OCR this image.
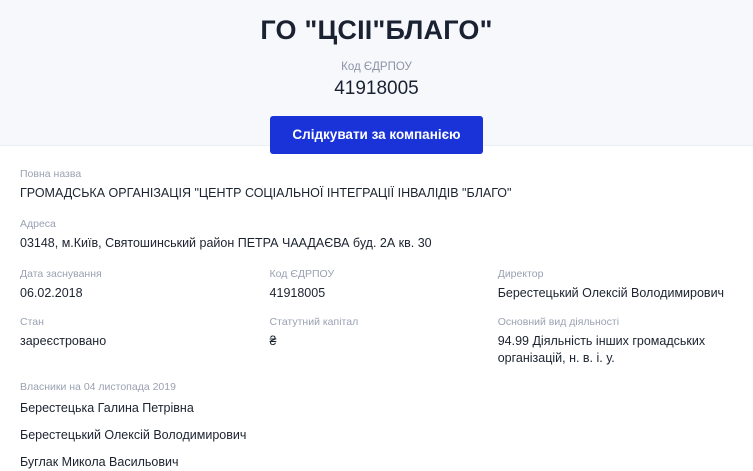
ГО "ЦСІІ"БЛАГО"
Код ЄДРПОУ
41918005
Слідкувати за компанією
Повна назва
ГРОМАДСЬКА ОРГАНІЗАЦІЯ "ЦЕНТР СОЦІАЛЬНОЇ ІНТЕГРАЦІЇ ІНВАЛІДІВ "БЛАГО"
Адреса
03148, м.Київ, Святошинський район ПЕТРА ЧААДАЄВА буд. 2А кв. 30
Дата заснування
06.02.2018
Код ЄДРПОУ
41918005
Директор
Берестецький Олексій Володимирович
Стан
зареєстровано
Статутний капітал
₴
Основний вид діяльності
94.99 Діяльність інших громадських організацій, н. в. і. у.
Власники на 04 листопада 2019
Берестецька Галина Петрівна
Берестецький Олексій Володимирович
Буглак Микола Васильович
